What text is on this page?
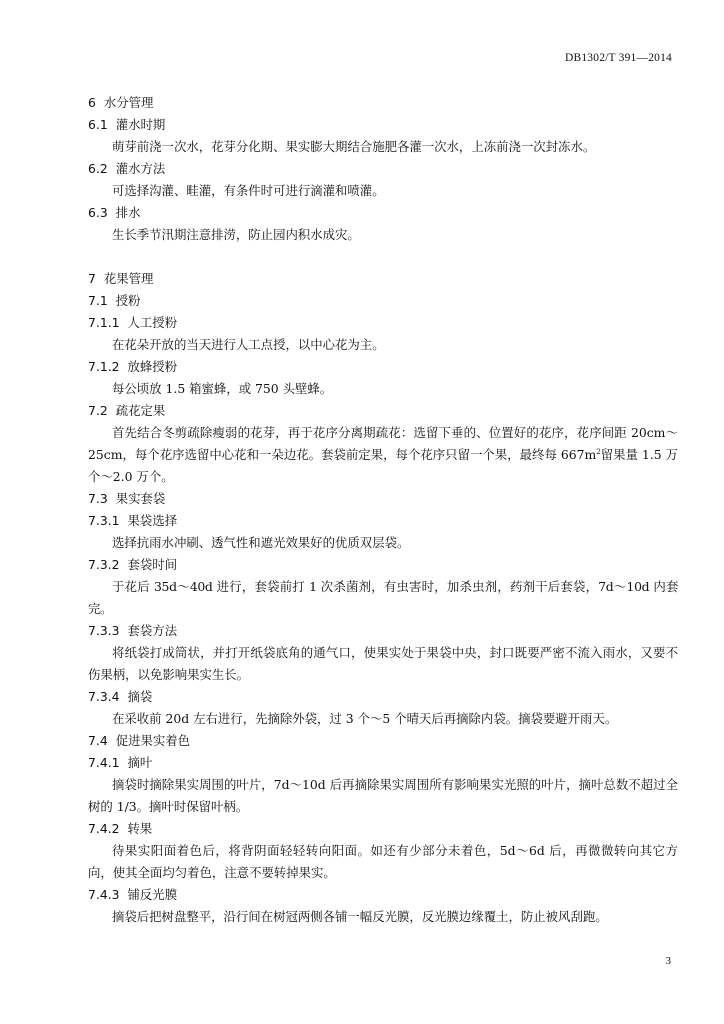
DB1302/T 391—2014
6 水分管理
6.1 灌水时期
萌芽前浇一次水，花芽分化期、果实膨大期结合施肥各灌一次水，上冻前浇一次封冻水。
6.2 灌水方法
可选择沟灌、畦灌，有条件时可进行滴灌和喷灌。
6.3 排水
生长季节汛期注意排涝，防止园内积水成灾。
7 花果管理
7.1 授粉
7.1.1 人工授粉
在花朵开放的当天进行人工点授，以中心花为主。
7.1.2 放蜂授粉
每公顷放 1.5 箱蜜蜂，或 750 头壁蜂。
7.2 疏花定果
首先结合冬剪疏除瘦弱的花芽，再于花序分离期疏花：选留下垂的、位置好的花序，花序间距 20cm～25cm，每个花序选留中心花和一朵边花。套袋前定果，每个花序只留一个果，最终每 $667m^2$留果量 1.5 万个～2.0 万个。
7.3 果实套袋
7.3.1 果袋选择
选择抗雨水冲刷、透气性和遮光效果好的优质双层袋。
7.3.2 套袋时间
于花后 35d～40d 进行，套袋前打 1 次杀菌剂，有虫害时，加杀虫剂，药剂干后套袋，7d～10d 内套完。
7.3.3 套袋方法
将纸袋打成筒状，并打开纸袋底角的通气口，使果实处于果袋中央，封口既要严密不流入雨水，又要不伤果柄，以免影响果实生长。
7.3.4 摘袋
在采收前 20d 左右进行，先摘除外袋，过 3 个～5 个晴天后再摘除内袋。摘袋要避开雨天。
7.4 促进果实着色
7.4.1 摘叶
摘袋时摘除果实周围的叶片，7d～10d 后再摘除果实周围所有影响果实光照的叶片，摘叶总数不超过全树的 1/3。摘叶时保留叶柄。
7.4.2 转果
待果实阳面着色后，将背阴面轻轻转向阳面。如还有少部分未着色，5d～6d 后，再微微转向其它方向，使其全面均匀着色，注意不要转掉果实。
7.4.3 铺反光膜
摘袋后把树盘整平，沿行间在树冠两侧各铺一幅反光膜，反光膜边缘覆土，防止被风刮跑。
3
